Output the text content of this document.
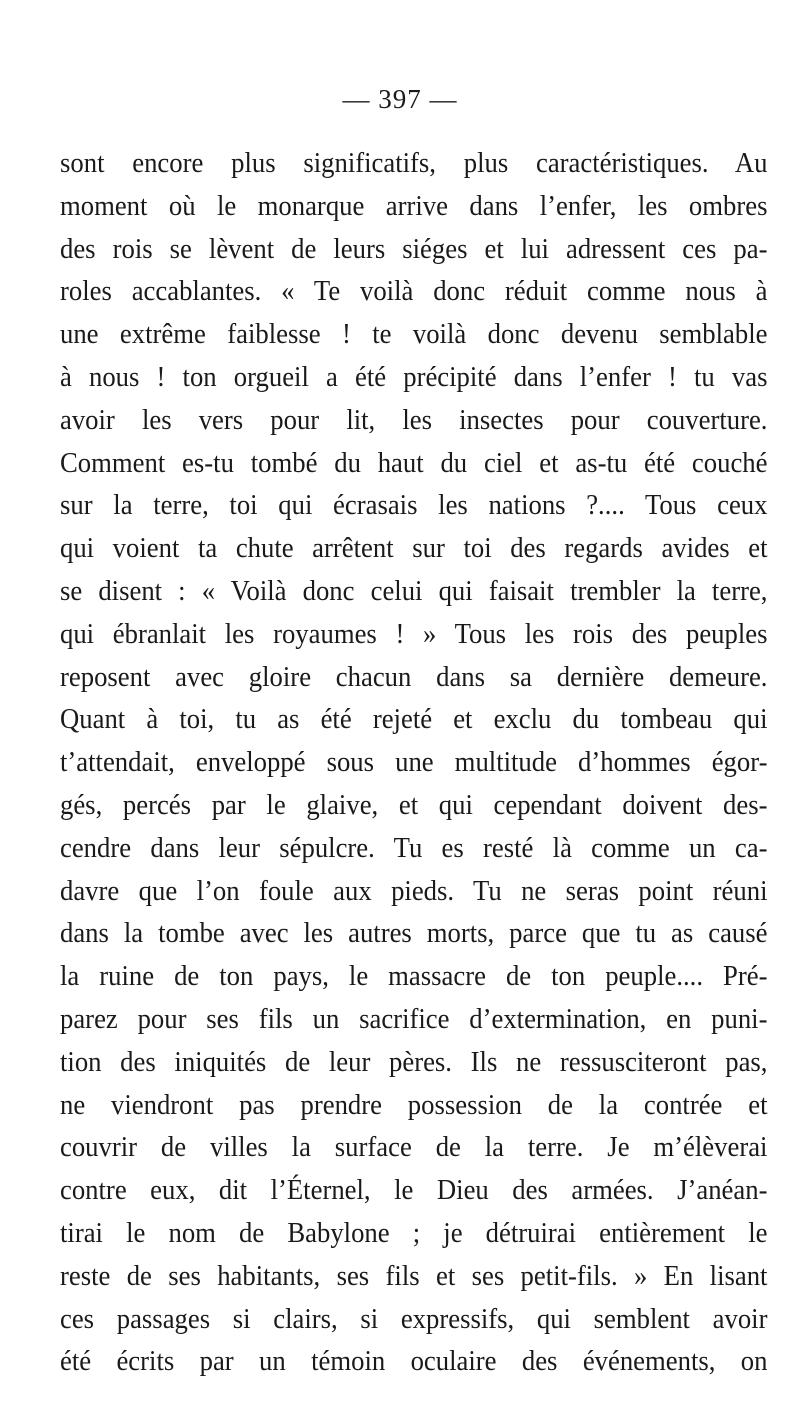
— 397 —
sont encore plus significatifs, plus caractéristiques. Au
moment où le monarque arrive dans l’enfer, les ombres
des rois se lèvent de leurs siéges et lui adressent ces pa-
roles accablantes. « Te voilà donc réduit comme nous à
une extrême faiblesse ! te voilà donc devenu semblable
à nous ! ton orgueil a été précipité dans l’enfer ! tu vas
avoir les vers pour lit, les insectes pour couverture.
Comment es-tu tombé du haut du ciel et as-tu été couché
sur la terre, toi qui écrasais les nations ?.... Tous ceux
qui voient ta chute arrêtent sur toi des regards avides et
se disent : « Voilà donc celui qui faisait trembler la terre,
qui ébranlait les royaumes ! » Tous les rois des peuples
reposent avec gloire chacun dans sa dernière demeure.
Quant à toi, tu as été rejeté et exclu du tombeau qui
t’attendait, enveloppé sous une multitude d’hommes égor-
gés, percés par le glaive, et qui cependant doivent des-
cendre dans leur sépulcre. Tu es resté là comme un ca-
davre que l’on foule aux pieds. Tu ne seras point réuni
dans la tombe avec les autres morts, parce que tu as causé
la ruine de ton pays, le massacre de ton peuple.... Pré-
parez pour ses fils un sacrifice d’extermination, en puni-
tion des iniquités de leur pères. Ils ne ressusciteront pas,
ne viendront pas prendre possession de la contrée et
couvrir de villes la surface de la terre. Je m’élèverai
contre eux, dit l’Éternel, le Dieu des armées. J’anéan-
tirai le nom de Babylone ; je détruirai entièrement le
reste de ses habitants, ses fils et ses petit-fils. » En lisant
ces passages si clairs, si expressifs, qui semblent avoir
été écrits par un témoin oculaire des événements, on
